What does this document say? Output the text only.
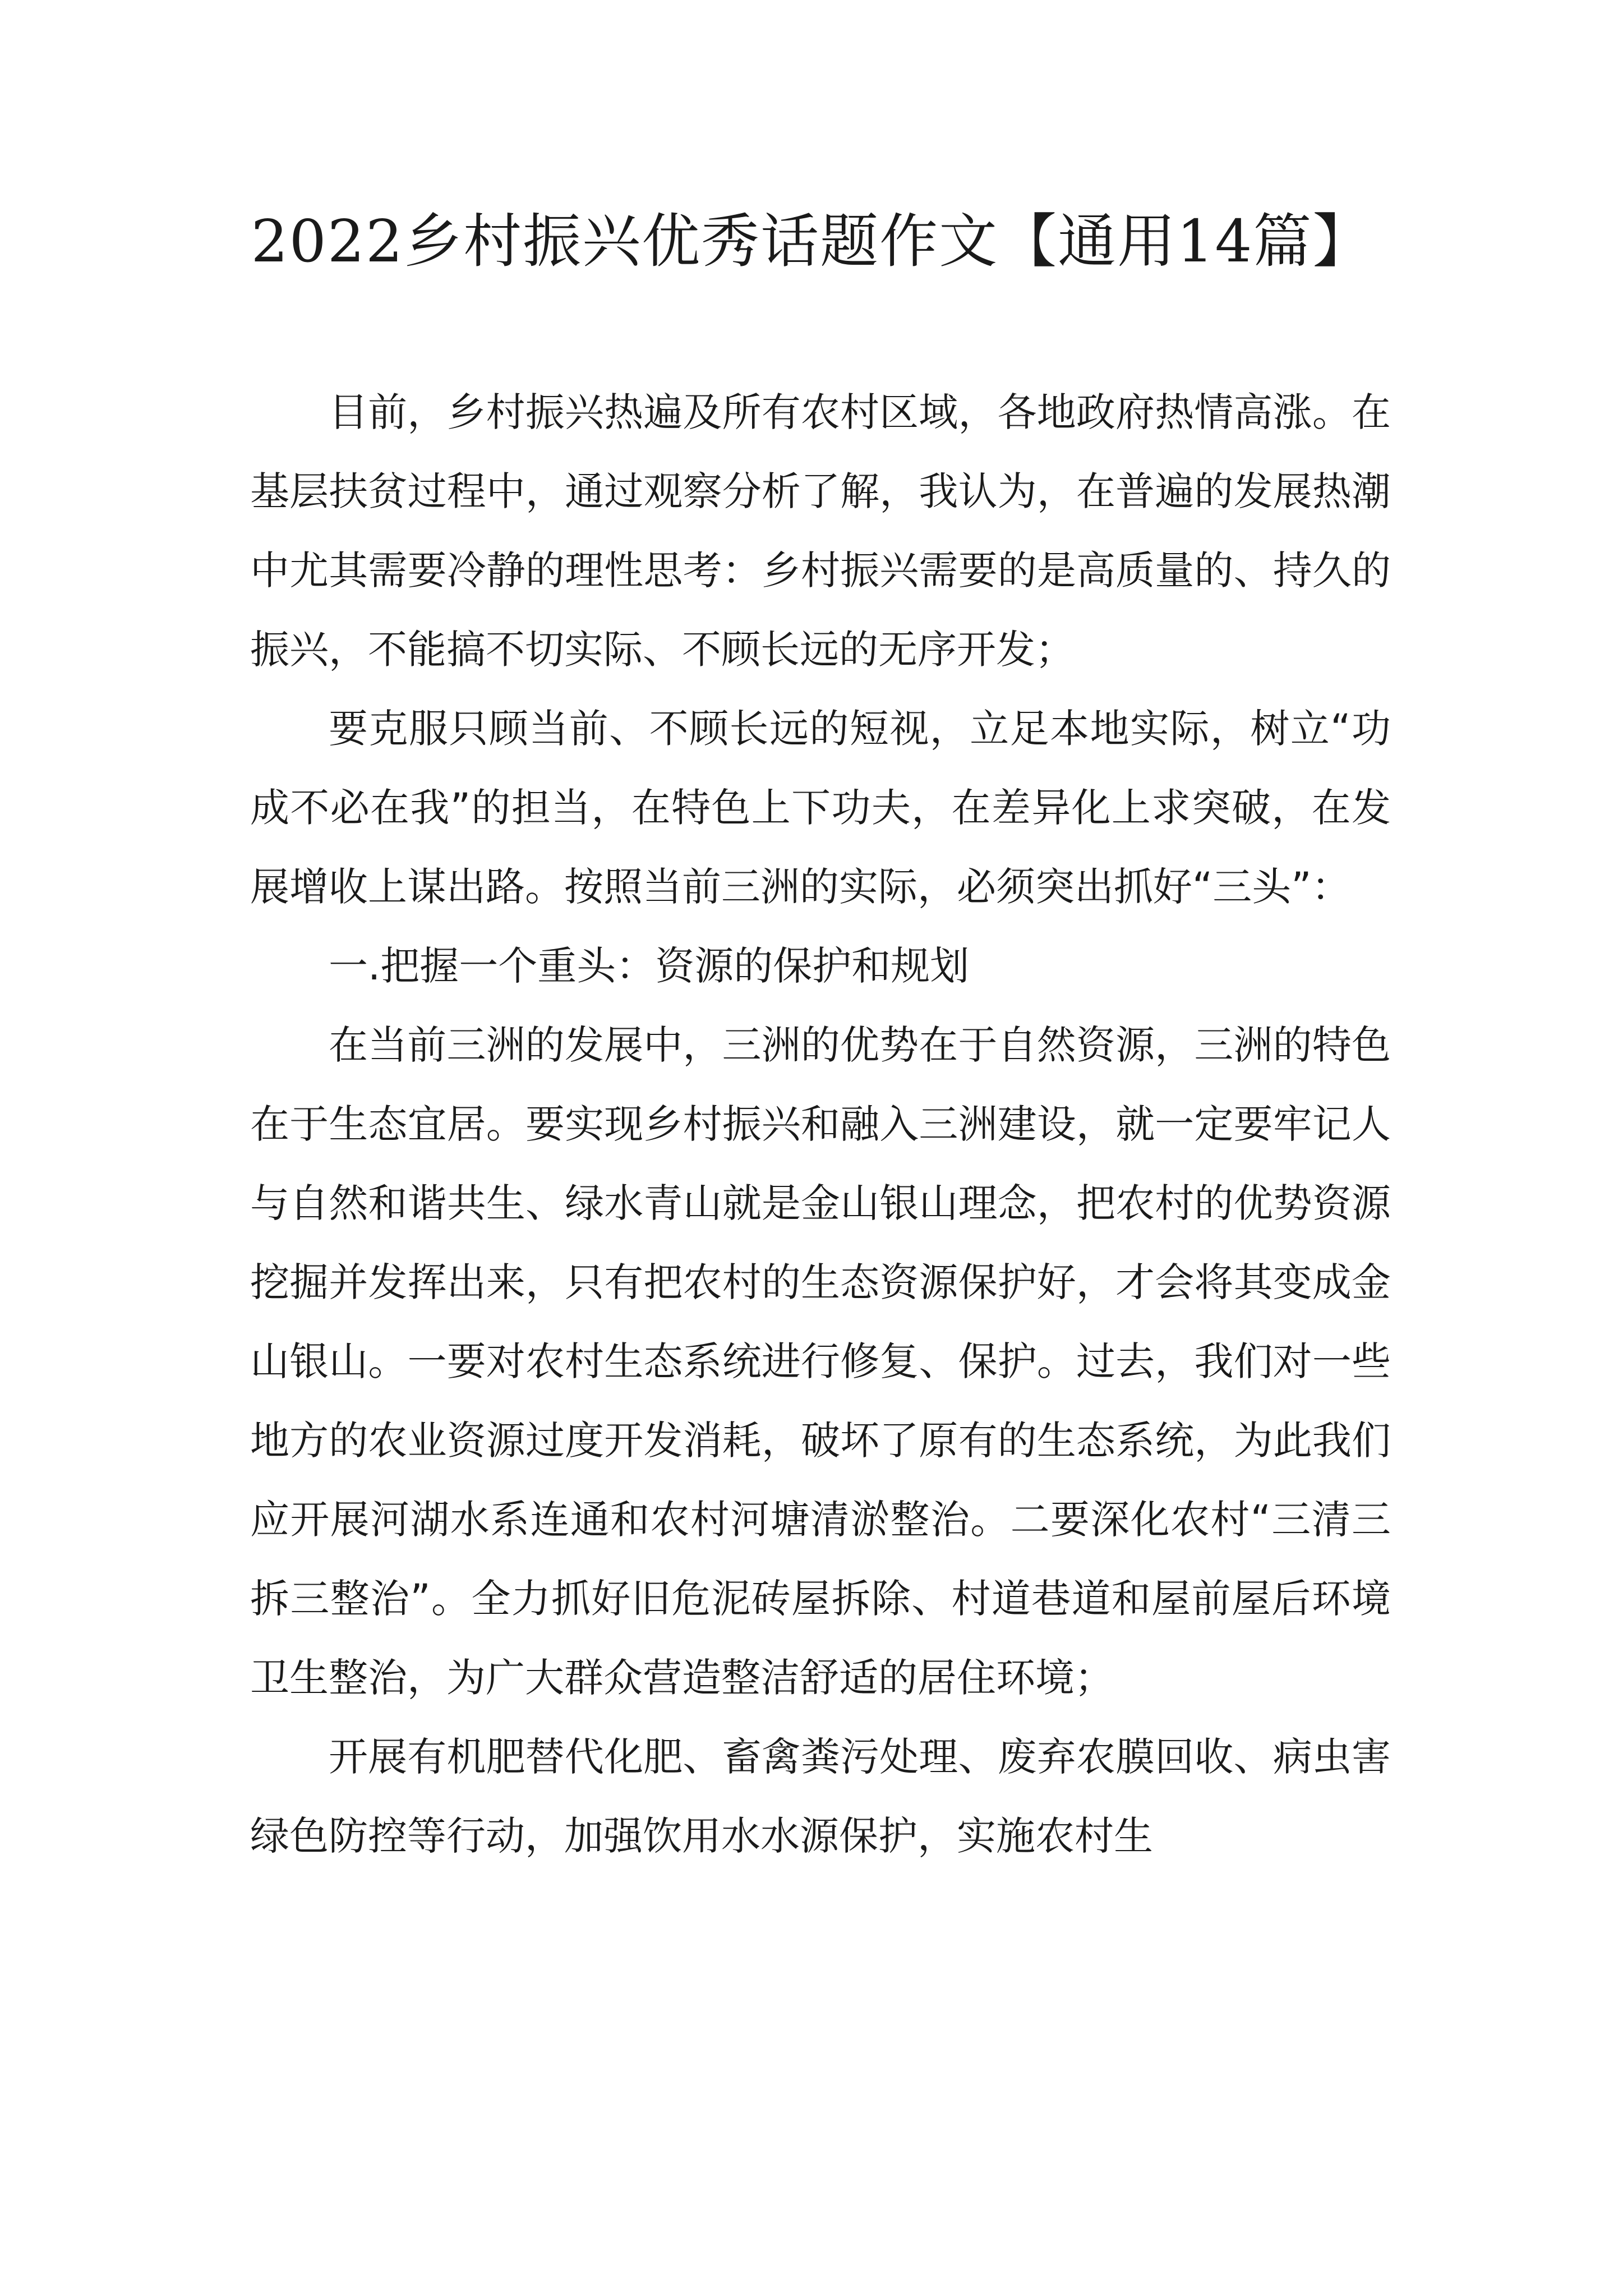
2022乡村振兴优秀话题作文【通用14篇】

目前，乡村振兴热遍及所有农村区域，各地政府热情高涨。在基层扶贫过程中，通过观察分析了解，我认为，在普遍的发展热潮中尤其需要冷静的理性思考：乡村振兴需要的是高质量的、持久的振兴，不能搞不切实际、不顾长远的无序开发；

要克服只顾当前、不顾长远的短视，立足本地实际，树立“功成不必在我”的担当，在特色上下功夫，在差异化上求突破，在发展增收上谋出路。按照当前三洲的实际，必须突出抓好“三头”：

一.把握一个重头：资源的保护和规划

在当前三洲的发展中，三洲的优势在于自然资源，三洲的特色在于生态宜居。要实现乡村振兴和融入三洲建设，就一定要牢记人与自然和谐共生、绿水青山就是金山银山理念，把农村的优势资源挖掘并发挥出来，只有把农村的生态资源保护好，才会将其变成金山银山。一要对农村生态系统进行修复、保护。过去，我们对一些地方的农业资源过度开发消耗，破坏了原有的生态系统，为此我们应开展河湖水系连通和农村河塘清淤整治。二要深化农村“三清三拆三整治”。全力抓好旧危泥砖屋拆除、村道巷道和屋前屋后环境卫生整治，为广大群众营造整洁舒适的居住环境；

开展有机肥替代化肥、畜禽粪污处理、废弃农膜回收、病虫害绿色防控等行动，加强饮用水水源保护，实施农村生
